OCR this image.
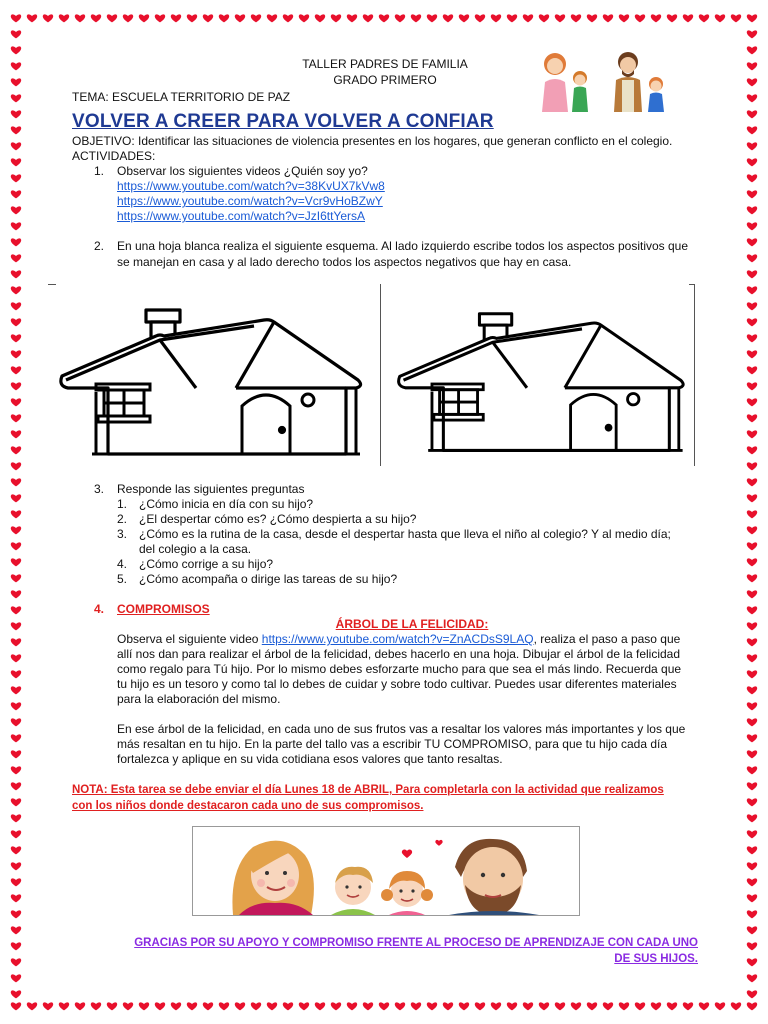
TALLER PADRES DE FAMILIA
GRADO PRIMERO
TEMA: ESCUELA TERRITORIO DE PAZ
VOLVER A CREER PARA VOLVER A CONFIAR
OBJETIVO: Identificar las situaciones de violencia presentes en los hogares, que generan conflicto en el colegio.
ACTIVIDADES:
1. Observar los siguientes videos ¿Quién soy yo?
https://www.youtube.com/watch?v=38KvUX7kVw8
https://www.youtube.com/watch?v=Vcr9vHoBZwY
https://www.youtube.com/watch?v=JzI6ttYersA
2. En una hoja blanca realiza el siguiente esquema. Al lado izquierdo escribe todos los aspectos positivos que
se manejan en casa y al lado derecho todos los aspectos negativos que hay en casa.
3. Responde las siguientes preguntas
1. ¿Cómo inicia en día con su hijo?
2. ¿El despertar cómo es? ¿Cómo despierta a su hijo?
3. ¿Cómo es la rutina de la casa, desde el despertar hasta que lleva el niño al colegio? Y al medio día;
del colegio a la casa.
4. ¿Cómo corrige a su hijo?
5. ¿Cómo acompaña o dirige las tareas de su hijo?
4. COMPROMISOS
ÁRBOL DE LA FELICIDAD:
Observa el siguiente video https://www.youtube.com/watch?v=ZnACDsS9LAQ, realiza el paso a paso que
allí nos dan para realizar el árbol de la felicidad, debes hacerlo en una hoja. Dibujar el árbol de la felicidad
como regalo para Tú hijo. Por lo mismo debes esforzarte mucho para que sea el más lindo. Recuerda que
tu hijo es un tesoro y como tal lo debes de cuidar y sobre todo cultivar. Puedes usar diferentes materiales
para la elaboración del mismo.
En ese árbol de la felicidad, en cada uno de sus frutos vas a resaltar los valores más importantes y los que
más resaltan en tu hijo. En la parte del tallo vas a escribir TU COMPROMISO, para que tu hijo cada día
fortalezca y aplique en su vida cotidiana esos valores que tanto resaltas.
NOTA: Esta tarea se debe enviar el día Lunes 18 de ABRIL, Para completarla con la actividad que realizamos
con los niños donde destacaron cada uno de sus compromisos.
GRACIAS POR SU APOYO Y COMPROMISO FRENTE AL PROCESO DE APRENDIZAJE CON CADA UNO
DE SUS HIJOS.
